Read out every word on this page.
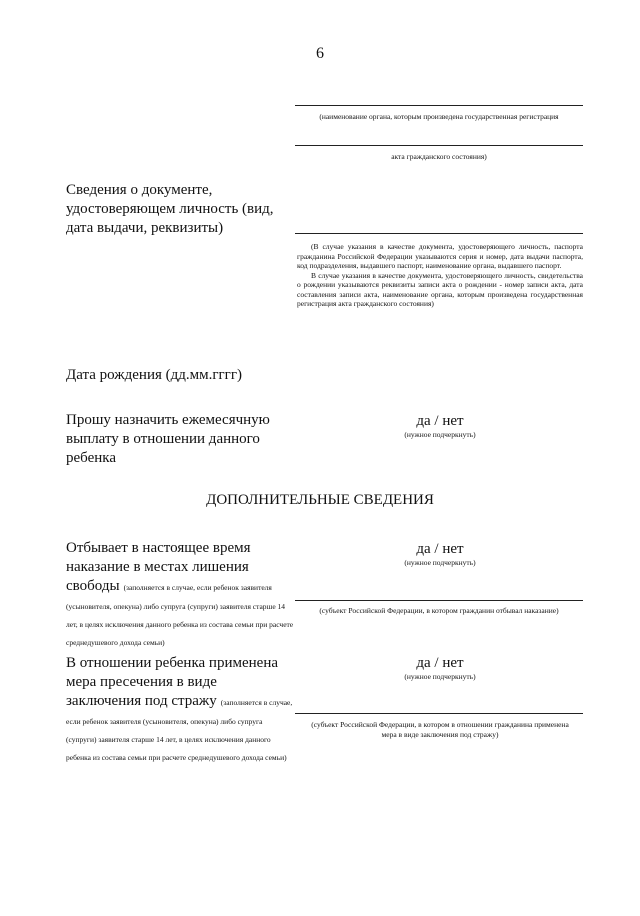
6
(наименование органа, которым произведена государственная регистрация
акта гражданского состояния)
Сведения о документе, удостоверяющем личность (вид, дата выдачи, реквизиты)
(В случае указания в качестве документа, удостоверяющего личность, паспорта гражданина Российской Федерации указываются серия и номер, дата выдачи паспорта, код подразделения, выдавшего паспорт, наименование органа, выдавшего паспорт.
В случае указания в качестве документа, удостоверяющего личность, свидетельства о рождении указываются реквизиты записи акта о рождении - номер записи акта, дата составления записи акта, наименование органа, которым произведена государственная регистрация акта гражданского состояния)
Дата рождения (дд.мм.гггг)
Прошу назначить ежемесячную выплату в отношении данного ребенка
да / нет
(нужное подчеркнуть)
ДОПОЛНИТЕЛЬНЫЕ СВЕДЕНИЯ
Отбывает в настоящее время наказание в местах лишения свободы (заполняется в случае, если ребенок заявителя (усыновителя, опекуна) либо супруга (супруги) заявителя старше 14 лет, в целях исключения данного ребенка из состава семьи при расчете среднедушевого дохода семьи)
да / нет
(нужное подчеркнуть)
(субъект Российской Федерации, в котором гражданин отбывал наказание)
В отношении ребенка применена мера пресечения в виде заключения под стражу (заполняется в случае, если ребенок заявителя (усыновителя, опекуна) либо супруга (супруги) заявителя старше 14 лет, в целях исключения данного ребенка из состава семьи при расчете среднедушевого дохода семьи)
да / нет
(нужное подчеркнуть)
(субъект Российской Федерации, в котором в отношении гражданина применена мера в виде заключения под стражу)
